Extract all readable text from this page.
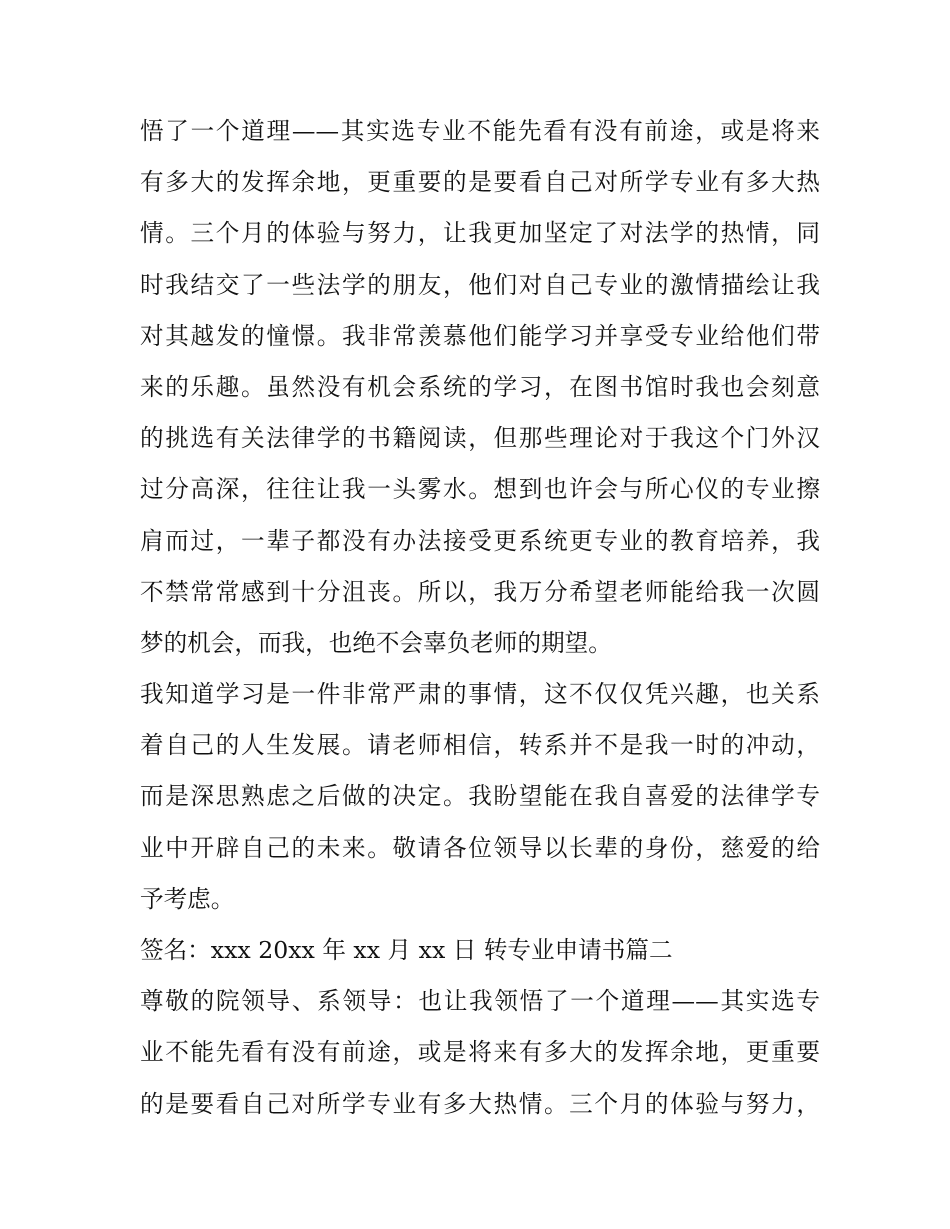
悟了一个道理——其实选专业不能先看有没有前途，或是将来
有多大的发挥余地，更重要的是要看自己对所学专业有多大热
情。三个月的体验与努力，让我更加坚定了对法学的热情，同
时我结交了一些法学的朋友，他们对自己专业的激情描绘让我
对其越发的憧憬。我非常羡慕他们能学习并享受专业给他们带
来的乐趣。虽然没有机会系统的学习，在图书馆时我也会刻意
的挑选有关法律学的书籍阅读，但那些理论对于我这个门外汉
过分高深，往往让我一头雾水。想到也许会与所心仪的专业擦
肩而过，一辈子都没有办法接受更系统更专业的教育培养，我
不禁常常感到十分沮丧。所以，我万分希望老师能给我一次圆
梦的机会，而我，也绝不会辜负老师的期望。
我知道学习是一件非常严肃的事情，这不仅仅凭兴趣，也关系
着自己的人生发展。请老师相信，转系并不是我一时的冲动，
而是深思熟虑之后做的决定。我盼望能在我自喜爱的法律学专
业中开辟自己的未来。敬请各位领导以长辈的身份，慈爱的给
予考虑。
签名：xxx 20xx 年 xx 月 xx 日 转专业申请书篇二
尊敬的院领导、系领导：也让我领悟了一个道理——其实选专
业不能先看有没有前途，或是将来有多大的发挥余地，更重要
的是要看自己对所学专业有多大热情。三个月的体验与努力，
